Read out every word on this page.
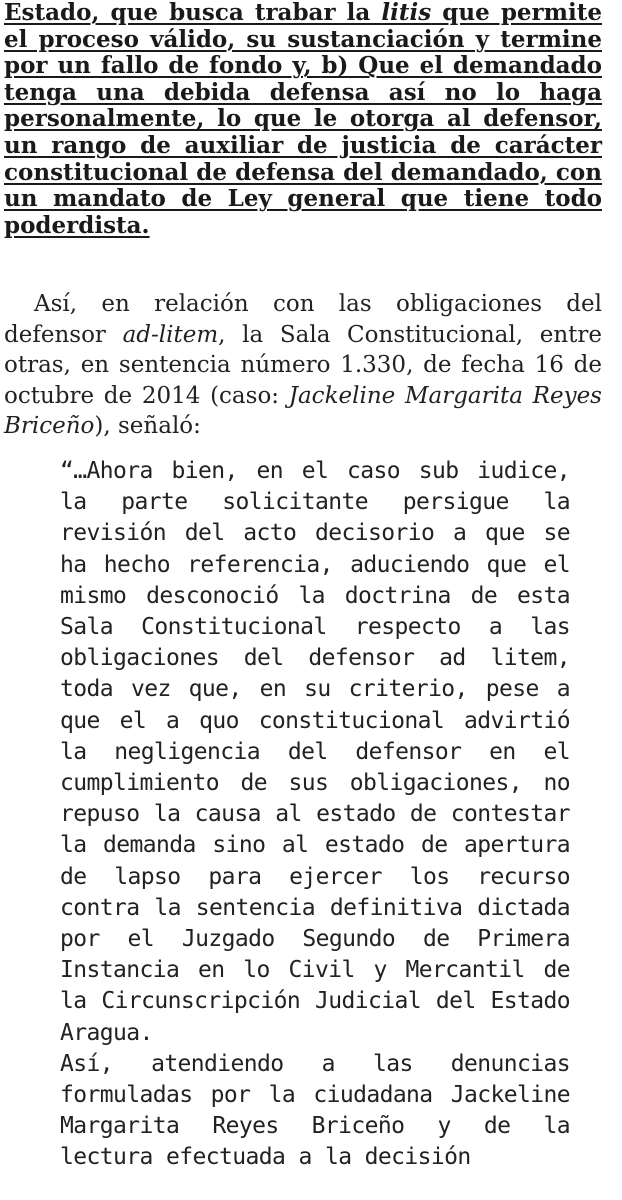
Estado, que busca trabar la litis que permite el proceso válido, su sustanciación y termine por un fallo de fondo y, b) Que el demandado tenga una debida defensa así no lo haga personalmente, lo que le otorga al defensor, un rango de auxiliar de justicia de carácter constitucional de defensa del demandado, con un mandato de Ley general que tiene todo poderdista.
Así, en relación con las obligaciones del defensor ad-litem, la Sala Constitucional, entre otras, en sentencia número 1.330, de fecha 16 de octubre de 2014 (caso: Jackeline Margarita Reyes Briceño), señaló:

“…Ahora bien, en el caso sub iudice, la parte solicitante persigue la revisión del acto decisorio a que se ha hecho referencia, aduciendo que el mismo desconoció la doctrina de esta Sala Constitucional respecto a las obligaciones del defensor ad litem, toda vez que, en su criterio, pese a que el a quo constitucional advirtió la negligencia del defensor en el cumplimiento de sus obligaciones, no repuso la causa al estado de contestar la demanda sino al estado de apertura de lapso para ejercer los recurso contra la sentencia definitiva dictada por el Juzgado Segundo de Primera Instancia en lo Civil y Mercantil de la Circunscripción Judicial del Estado Aragua.

Así, atendiendo a las denuncias formuladas por la ciudadana Jackeline Margarita Reyes Briceño y de la lectura efectuada a la decisión
